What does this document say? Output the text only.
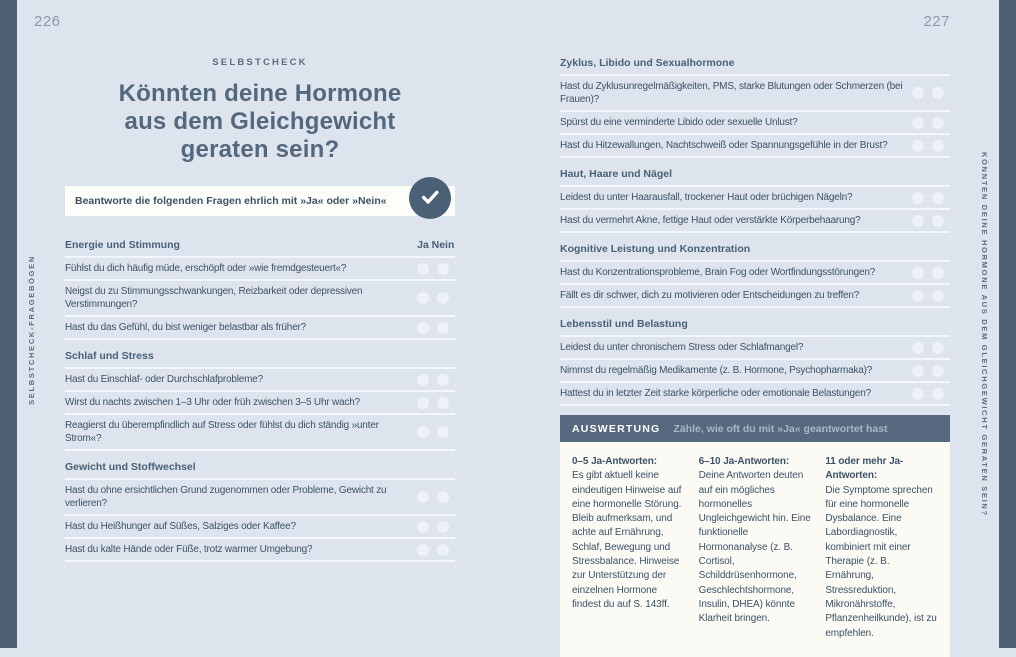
226	227
SELBSTCHECK-FRAGEBÖGEN	KÖNNTEN DEINE HORMONE AUS DEM GLEICHGEWICHT GERATEN SEIN?
SELBSTCHECK
Könnten deine Hormone
aus dem Gleichgewicht
geraten sein?
Beantworte die folgenden Fragen ehrlich mit »Ja« oder »Nein«
Energie und Stimmung	Ja Nein
Fühlst du dich häufig müde, erschöpft oder »wie fremdgesteuert«?
Neigst du zu Stimmungsschwankungen, Reizbarkeit oder depressiven Verstimmungen?
Hast du das Gefühl, du bist weniger belastbar als früher?
Schlaf und Stress
Hast du Einschlaf- oder Durchschlafprobleme?
Wirst du nachts zwischen 1–3 Uhr oder früh zwischen 3–5 Uhr wach?
Reagierst du überempfindlich auf Stress oder fühlst du dich ständig »unter Strom«?
Gewicht und Stoffwechsel
Hast du ohne ersichtlichen Grund zugenommen oder Probleme, Gewicht zu verlieren?
Hast du Heißhunger auf Süßes, Salziges oder Kaffee?
Hast du kalte Hände oder Füße, trotz warmer Umgebung?
Zyklus, Libido und Sexualhormone
Hast du Zyklusunregelmäßigkeiten, PMS, starke Blutungen oder Schmerzen (bei Frauen)?
Spürst du eine verminderte Libido oder sexuelle Unlust?
Hast du Hitzewallungen, Nachtschweiß oder Spannungsgefühle in der Brust?
Haut, Haare und Nägel
Leidest du unter Haarausfall, trockener Haut oder brüchigen Nägeln?
Hast du vermehrt Akne, fettige Haut oder verstärkte Körperbehaarung?
Kognitive Leistung und Konzentration
Hast du Konzentrationsprobleme, Brain Fog oder Wortfindungsstörungen?
Fällt es dir schwer, dich zu motivieren oder Entscheidungen zu treffen?
Lebensstil und Belastung
Leidest du unter chronischem Stress oder Schlafmangel?
Nimmst du regelmäßig Medikamente (z. B. Hormone, Psychopharmaka)?
Hattest du in letzter Zeit starke körperliche oder emotionale Belastungen?
AUSWERTUNG Zähle, wie oft du mit »Ja« geantwortet hast
0–5 Ja-Antworten:
Es gibt aktuell keine eindeutigen Hinweise auf eine hormonelle Störung. Bleib aufmerksam, und achte auf Ernährung, Schlaf, Bewegung und Stressbalance. Hinweise zur Unterstützung der einzelnen Hormone findest du auf S. 143ff.
6–10 Ja-Antworten:
Deine Antworten deuten auf ein mögliches hormonelles Ungleichgewicht hin. Eine funktionelle Hormonanalyse (z. B. Cortisol, Schilddrüsenhormone, Geschlechtshormone, Insulin, DHEA) könnte Klarheit bringen.
11 oder mehr Ja-Antworten:
Die Symptome sprechen für eine hormonelle Dysbalance. Eine Labordiagnostik, kombiniert mit einer Therapie (z. B. Ernährung, Stressreduktion, Mikronährstoffe, Pflanzenheilkunde), ist zu empfehlen.
